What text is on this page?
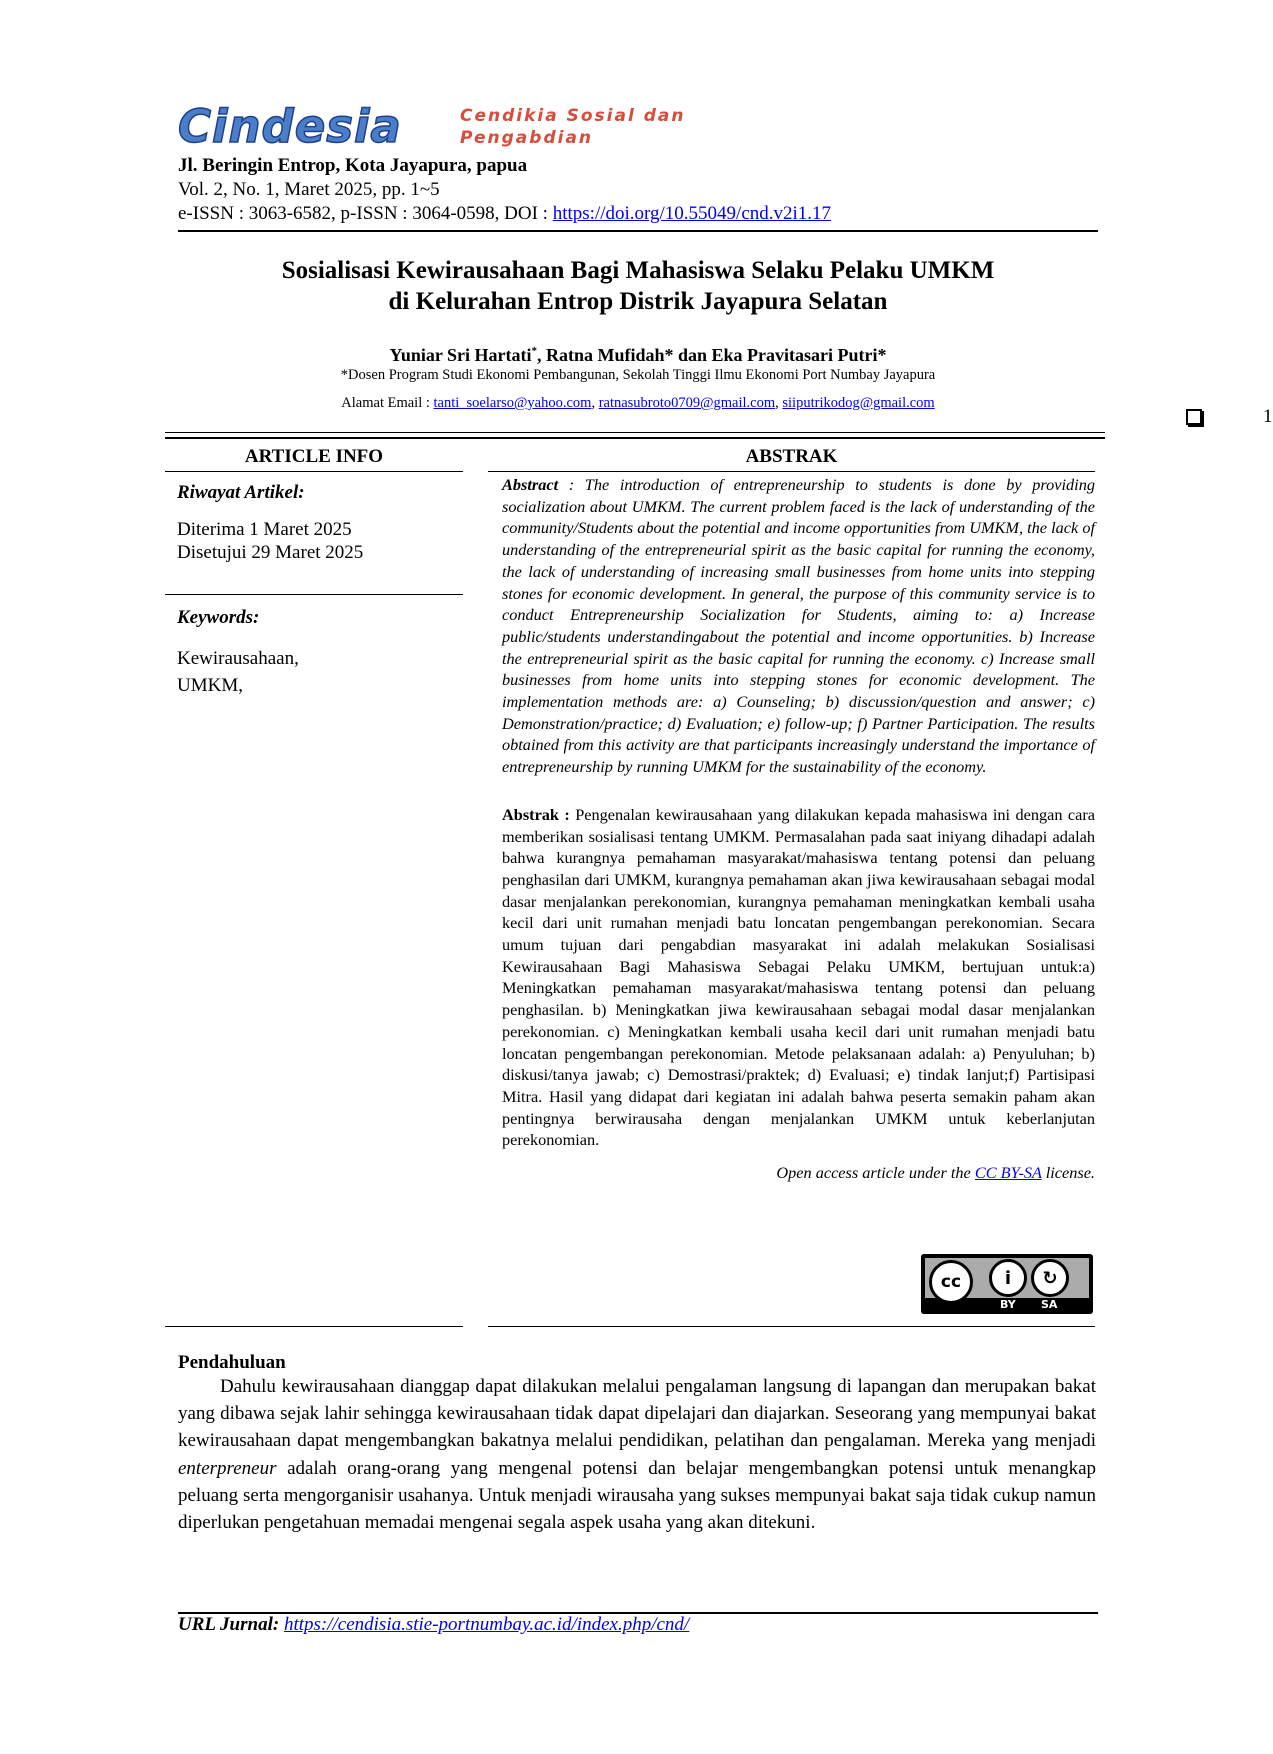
Cindesia	Cendikia Sosial dan Pengabdian
Jl. Beringin Entrop, Kota Jayapura, papua
Vol. 2, No. 1, Maret 2025, pp. 1~5
e-ISSN : 3063-6582, p-ISSN : 3064-0598, DOI : https://doi.org/10.55049/cnd.v2i1.17
1
Sosialisasi Kewirausahaan Bagi Mahasiswa Selaku Pelaku UMKM
di Kelurahan Entrop Distrik Jayapura Selatan
Yuniar Sri Hartati*, Ratna Mufidah* dan Eka Pravitasari Putri*
*Dosen Program Studi Ekonomi Pembangunan, Sekolah Tinggi Ilmu Ekonomi Port Numbay Jayapura
Alamat Email : tanti_soelarso@yahoo.com, ratnasubroto0709@gmail.com, siiputrikodog@gmail.com
ARTICLE INFO
Riwayat Artikel:
Diterima 1 Maret 2025
Disetujui 29 Maret 2025
Keywords:
Kewirausahaan,
UMKM,
ABSTRAK
Abstract : The introduction of entrepreneurship to students is done by providing socialization about UMKM. The current problem faced is the lack of understanding of the community/Students about the potential and income opportunities from UMKM, the lack of understanding of the entrepreneurial spirit as the basic capital for running the economy, the lack of understanding of increasing small businesses from home units into stepping stones for economic development. In general, the purpose of this community service is to conduct Entrepreneurship Socialization for Students, aiming to: a) Increase public/students understandingabout the potential and income opportunities. b) Increase the entrepreneurial spirit as the basic capital for running the economy. c) Increase small businesses from home units into stepping stones for economic development. The implementation methods are: a) Counseling; b) discussion/question and answer; c) Demonstration/practice; d) Evaluation; e) follow-up; f) Partner Participation. The results obtained from this activity are that participants increasingly understand the importance of entrepreneurship by running UMKM for the sustainability of the economy.
Abstrak : Pengenalan kewirausahaan yang dilakukan kepada mahasiswa ini dengan cara memberikan sosialisasi tentang UMKM. Permasalahan pada saat iniyang dihadapi adalah bahwa kurangnya pemahaman masyarakat/mahasiswa tentang potensi dan peluang penghasilan dari UMKM, kurangnya pemahaman akan jiwa kewirausahaan sebagai modal dasar menjalankan perekonomian, kurangnya pemahaman meningkatkan kembali usaha kecil dari unit rumahan menjadi batu loncatan pengembangan perekonomian. Secara umum tujuan dari pengabdian masyarakat ini adalah melakukan Sosialisasi Kewirausahaan Bagi Mahasiswa Sebagai Pelaku UMKM, bertujuan untuk:a) Meningkatkan pemahaman masyarakat/mahasiswa tentang potensi dan peluang penghasilan. b) Meningkatkan jiwa kewirausahaan sebagai modal dasar menjalankan perekonomian. c) Meningkatkan kembali usaha kecil dari unit rumahan menjadi batu loncatan pengembangan perekonomian. Metode pelaksanaan adalah: a) Penyuluhan; b) diskusi/tanya jawab; c) Demostrasi/praktek; d) Evaluasi; e) tindak lanjut;f) Partisipasi Mitra. Hasil yang didapat dari kegiatan ini adalah bahwa peserta semakin paham akan pentingnya berwirausaha dengan menjalankan UMKM untuk keberlanjutan perekonomian.
Open access article under the CC BY-SA license.
cc	i	↻
BY SA
Pendahuluan
Dahulu kewirausahaan dianggap dapat dilakukan melalui pengalaman langsung di lapangan dan merupakan bakat yang dibawa sejak lahir sehingga kewirausahaan tidak dapat dipelajari dan diajarkan. Seseorang yang mempunyai bakat kewirausahaan dapat mengembangkan bakatnya melalui pendidikan, pelatihan dan pengalaman. Mereka yang menjadi enterpreneur adalah orang-orang yang mengenal potensi dan belajar mengembangkan potensi untuk menangkap peluang serta mengorganisir usahanya. Untuk menjadi wirausaha yang sukses mempunyai bakat saja tidak cukup namun diperlukan pengetahuan memadai mengenai segala aspek usaha yang akan ditekuni.
URL Jurnal: https://cendisia.stie-portnumbay.ac.id/index.php/cnd/
